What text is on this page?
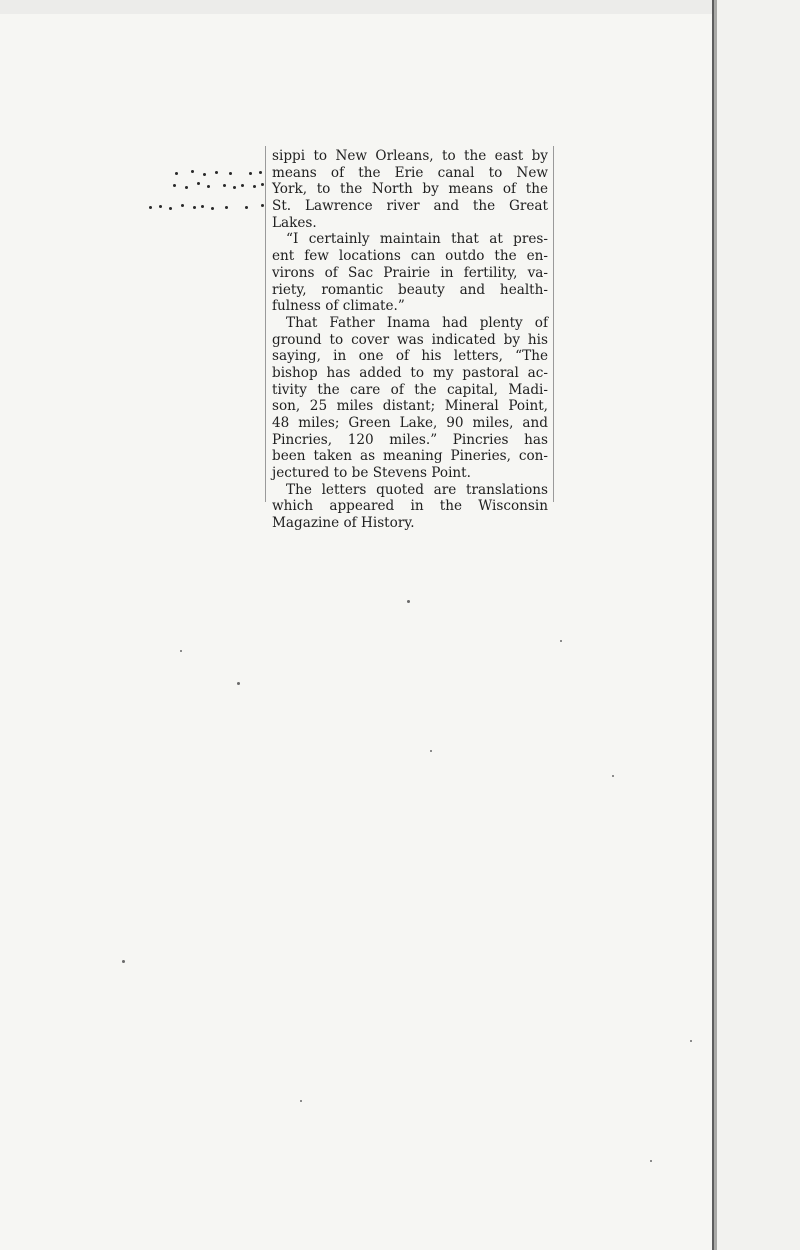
sippi to New Orleans, to the east by
means of the Erie canal to New
York, to the North by means of the
St. Lawrence river and the Great
Lakes.
“I certainly maintain that at pres-
ent few locations can outdo the en-
virons of Sac Prairie in fertility, va-
riety, romantic beauty and health-
fulness of climate.”
That Father Inama had plenty of
ground to cover was indicated by his
saying, in one of his letters, “The
bishop has added to my pastoral ac-
tivity the care of the capital, Madi-
son, 25 miles distant; Mineral Point,
48 miles; Green Lake, 90 miles, and
Pincries, 120 miles.” Pincries has
been taken as meaning Pineries, con-
jectured to be Stevens Point.
The letters quoted are translations
which appeared in the Wisconsin
Magazine of History.
